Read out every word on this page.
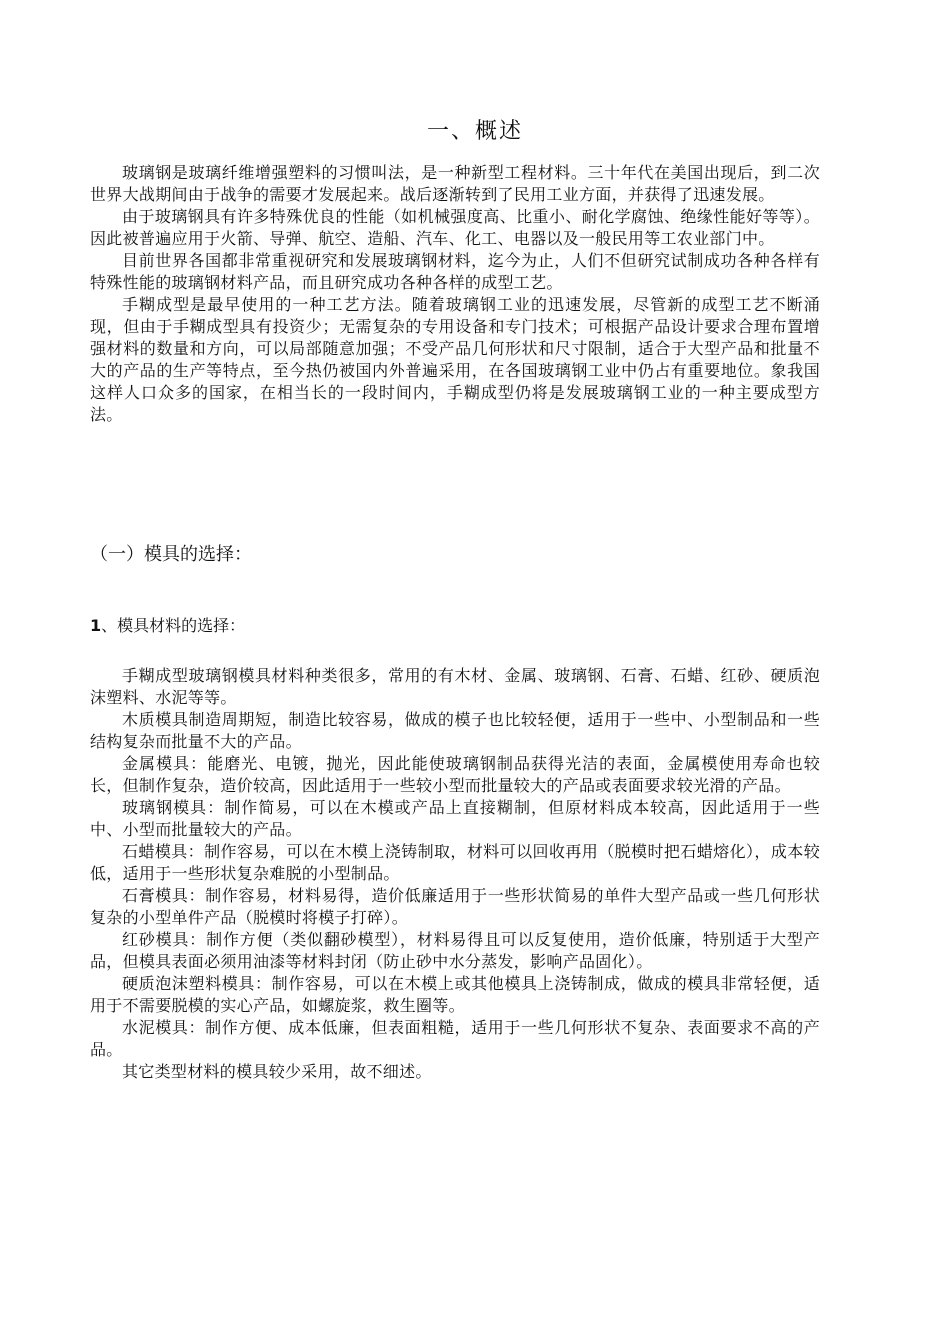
一、概述

玻璃钢是玻璃纤维增强塑料的习惯叫法，是一种新型工程材料。三十年代在美国出现后，到二次世界大战期间由于战争的需要才发展起来。战后逐渐转到了民用工业方面，并获得了迅速发展。

由于玻璃钢具有许多特殊优良的性能（如机械强度高、比重小、耐化学腐蚀、绝缘性能好等等）。因此被普遍应用于火箭、导弹、航空、造船、汽车、化工、电器以及一般民用等工农业部门中。

目前世界各国都非常重视研究和发展玻璃钢材料，迄今为止，人们不但研究试制成功各种各样有特殊性能的玻璃钢材料产品，而且研究成功各种各样的成型工艺。

手糊成型是最早使用的一种工艺方法。随着玻璃钢工业的迅速发展，尽管新的成型工艺不断涌现，但由于手糊成型具有投资少；无需复杂的专用设备和专门技术；可根据产品设计要求合理布置增强材料的数量和方向，可以局部随意加强；不受产品几何形状和尺寸限制，适合于大型产品和批量不大的产品的生产等特点，至今热仍被国内外普遍采用，在各国玻璃钢工业中仍占有重要地位。象我国这样人口众多的国家，在相当长的一段时间内，手糊成型仍将是发展玻璃钢工业的一种主要成型方法。

（一）模具的选择：
1、模具材料的选择：

手糊成型玻璃钢模具材料种类很多，常用的有木材、金属、玻璃钢、石膏、石蜡、红砂、硬质泡沫塑料、水泥等等。

木质模具制造周期短，制造比较容易，做成的模子也比较轻便，适用于一些中、小型制品和一些结构复杂而批量不大的产品。

金属模具：能磨光、电镀，抛光，因此能使玻璃钢制品获得光洁的表面，金属模使用寿命也较长，但制作复杂，造价较高，因此适用于一些较小型而批量较大的产品或表面要求较光滑的产品。

玻璃钢模具：制作简易，可以在木模或产品上直接糊制，但原材料成本较高，因此适用于一些中、小型而批量较大的产品。

石蜡模具：制作容易，可以在木模上浇铸制取，材料可以回收再用（脱模时把石蜡熔化），成本较低，适用于一些形状复杂难脱的小型制品。

石膏模具：制作容易，材料易得，造价低廉适用于一些形状简易的单件大型产品或一些几何形状复杂的小型单件产品（脱模时将模子打碎）。

红砂模具：制作方便（类似翻砂模型），材料易得且可以反复使用，造价低廉，特别适于大型产品，但模具表面必须用油漆等材料封闭（防止砂中水分蒸发，影响产品固化）。

硬质泡沫塑料模具：制作容易，可以在木模上或其他模具上浇铸制成，做成的模具非常轻便，适用于不需要脱模的实心产品，如螺旋浆，救生圈等。

水泥模具：制作方便、成本低廉，但表面粗糙，适用于一些几何形状不复杂、表面要求不高的产品。

其它类型材料的模具较少采用，故不细述。
